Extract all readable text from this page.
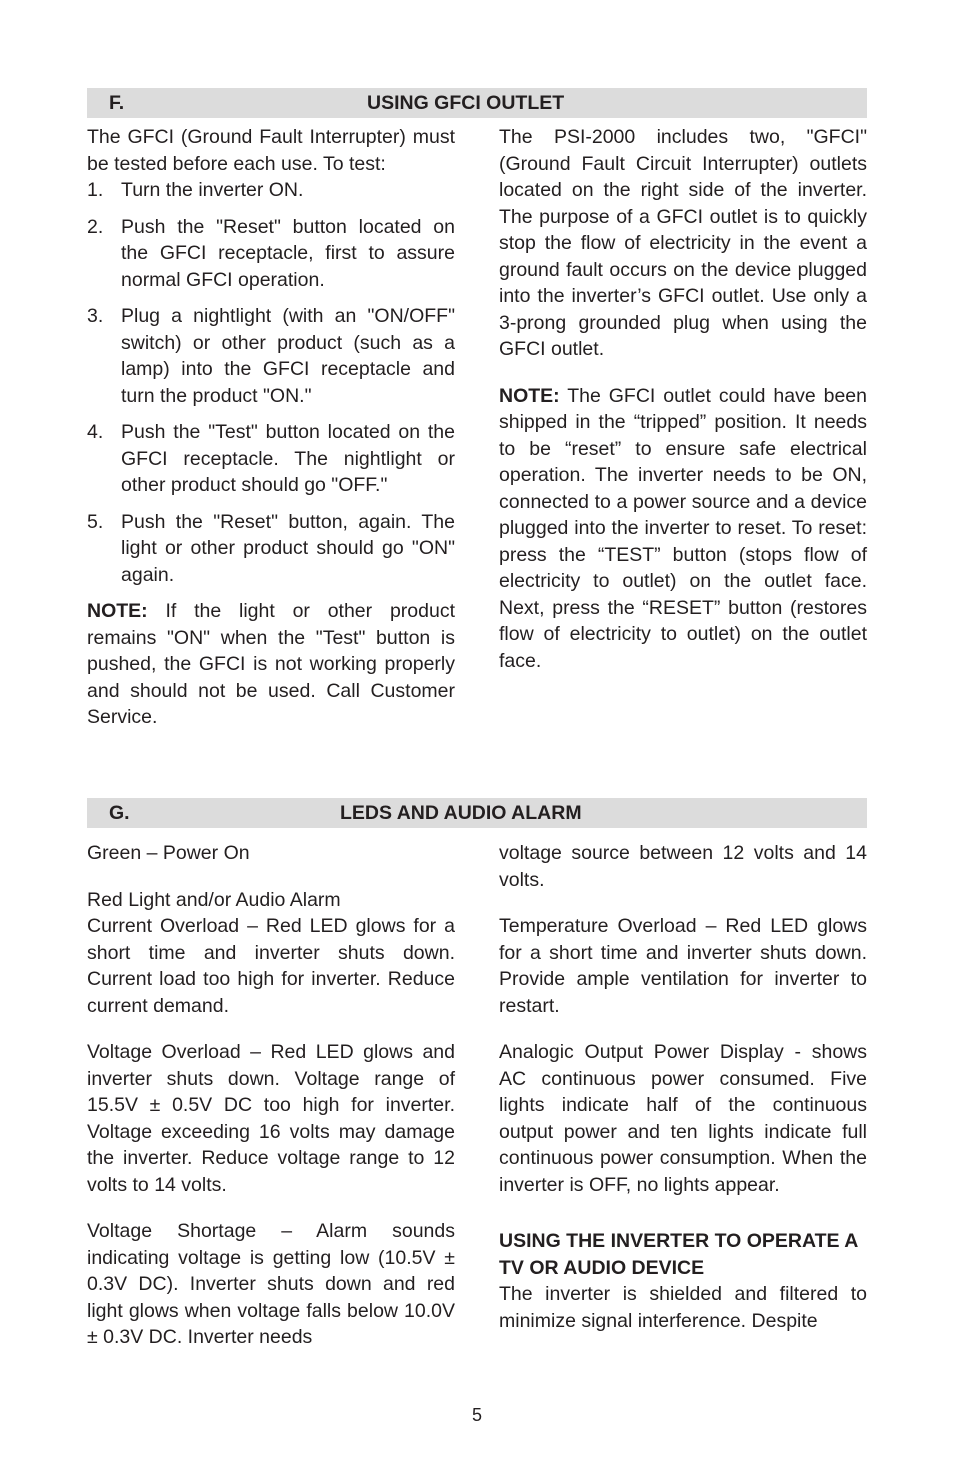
F.	USING GFCI OUTLET

The GFCI (Ground Fault Interrupter) must be tested before each use. To test:

1. Turn the inverter ON.
2. Push the "Reset" button located on the GFCI receptacle, first to assure normal GFCI operation.
3. Plug a nightlight (with an "ON/OFF" switch) or other product (such as a lamp) into the GFCI receptacle and turn the product "ON."
4. Push the "Test" button located on the GFCI receptacle. The nightlight or other product should go "OFF."
5. Push the "Reset" button, again. The light or other product should go "ON" again.

NOTE: If the light or other product remains "ON" when the "Test" button is pushed, the GFCI is not working properly and should not be used. Call Customer Service.

The PSI-2000 includes two, "GFCI" (Ground Fault Circuit Interrupter) outlets located on the right side of the inverter. The purpose of a GFCI outlet is to quickly stop the flow of electricity in the event a ground fault occurs on the device plugged into the inverter’s GFCI outlet. Use only a 3-prong grounded plug when using the GFCI outlet.

NOTE: The GFCI outlet could have been shipped in the “tripped” position. It needs to be “reset” to ensure safe electrical operation. The inverter needs to be ON, connected to a power source and a device plugged into the inverter to reset. To reset: press the “TEST” button (stops flow of electricity to outlet) on the outlet face. Next, press the “RESET” button (restores flow of electricity to outlet) on the outlet face.

G.	LEDS AND AUDIO ALARM

Green – Power On

Red Light and/or Audio Alarm

Current Overload – Red LED glows for a short time and inverter shuts down. Current load too high for inverter. Reduce current demand.

Voltage Overload – Red LED glows and inverter shuts down. Voltage range of 15.5V ± 0.5V DC too high for inverter. Voltage exceeding 16 volts may damage the inverter. Reduce voltage range to 12 volts to 14 volts.

Voltage Shortage – Alarm sounds indicating voltage is getting low (10.5V ± 0.3V DC). Inverter shuts down and red light glows when voltage falls below 10.0V ± 0.3V DC. Inverter needs

voltage source between 12 volts and 14 volts.

Temperature Overload – Red LED glows for a short time and inverter shuts down. Provide ample ventilation for inverter to restart.

Analogic Output Power Display - shows AC continuous power consumed. Five lights indicate half of the continuous output power and ten lights indicate full continuous power consumption. When the inverter is OFF, no lights appear.

USING THE INVERTER TO OPERATE A TV OR AUDIO DEVICE

The inverter is shielded and filtered to minimize signal interference. Despite

5
